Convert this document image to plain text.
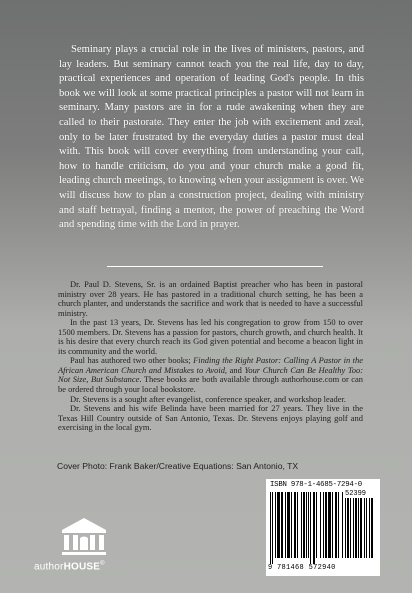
Seminary plays a crucial role in the lives of ministers, pastors, and lay leaders. But seminary cannot teach you the real life, day to day, practical experiences and operation of leading God's people. In this book we will look at some practical principles a pastor will not learn in seminary. Many pastors are in for a rude awakening when they are called to their pastorate. They enter the job with excitement and zeal, only to be later frustrated by the everyday duties a pastor must deal with. This book will cover everything from understanding your call, how to handle criticism, do you and your church make a good fit, leading church meetings, to knowing when your assignment is over. We will discuss how to plan a construction project, dealing with ministry and staff betrayal, finding a mentor, the power of preaching the Word and spending time with the Lord in prayer.

Dr. Paul D. Stevens, Sr. is an ordained Baptist preacher who has been in pastoral ministry over 28 years. He has pastored in a traditional church setting, he has been a church planter, and understands the sacrifice and work that is needed to have a successful ministry.

In the past 13 years, Dr. Stevens has led his congregation to grow from 150 to over 1500 members. Dr. Stevens has a passion for pastors, church growth, and church health. It is his desire that every church reach its God given potential and become a beacon light in its community and the world.

Paul has authored two other books; Finding the Right Pastor: Calling A Pastor in the African American Church and Mistakes to Avoid, and Your Church Can Be Healthy Too: Not Size, But Substance. These books are both available through authorhouse.com or can be ordered through your local bookstore.

Dr. Stevens is a sought after evangelist, conference speaker, and workshop leader.

Dr. Stevens and his wife Belinda have been married for 27 years. They live in the Texas Hill Country outside of San Antonio, Texas. Dr. Stevens enjoys playing golf and exercising in the local gym.

Cover Photo: Frank Baker/Creative Equations: San Antonio, TX
authorHOUSE®
ISBN 978-1-4685-7294-0
52399
9 781468 572940
